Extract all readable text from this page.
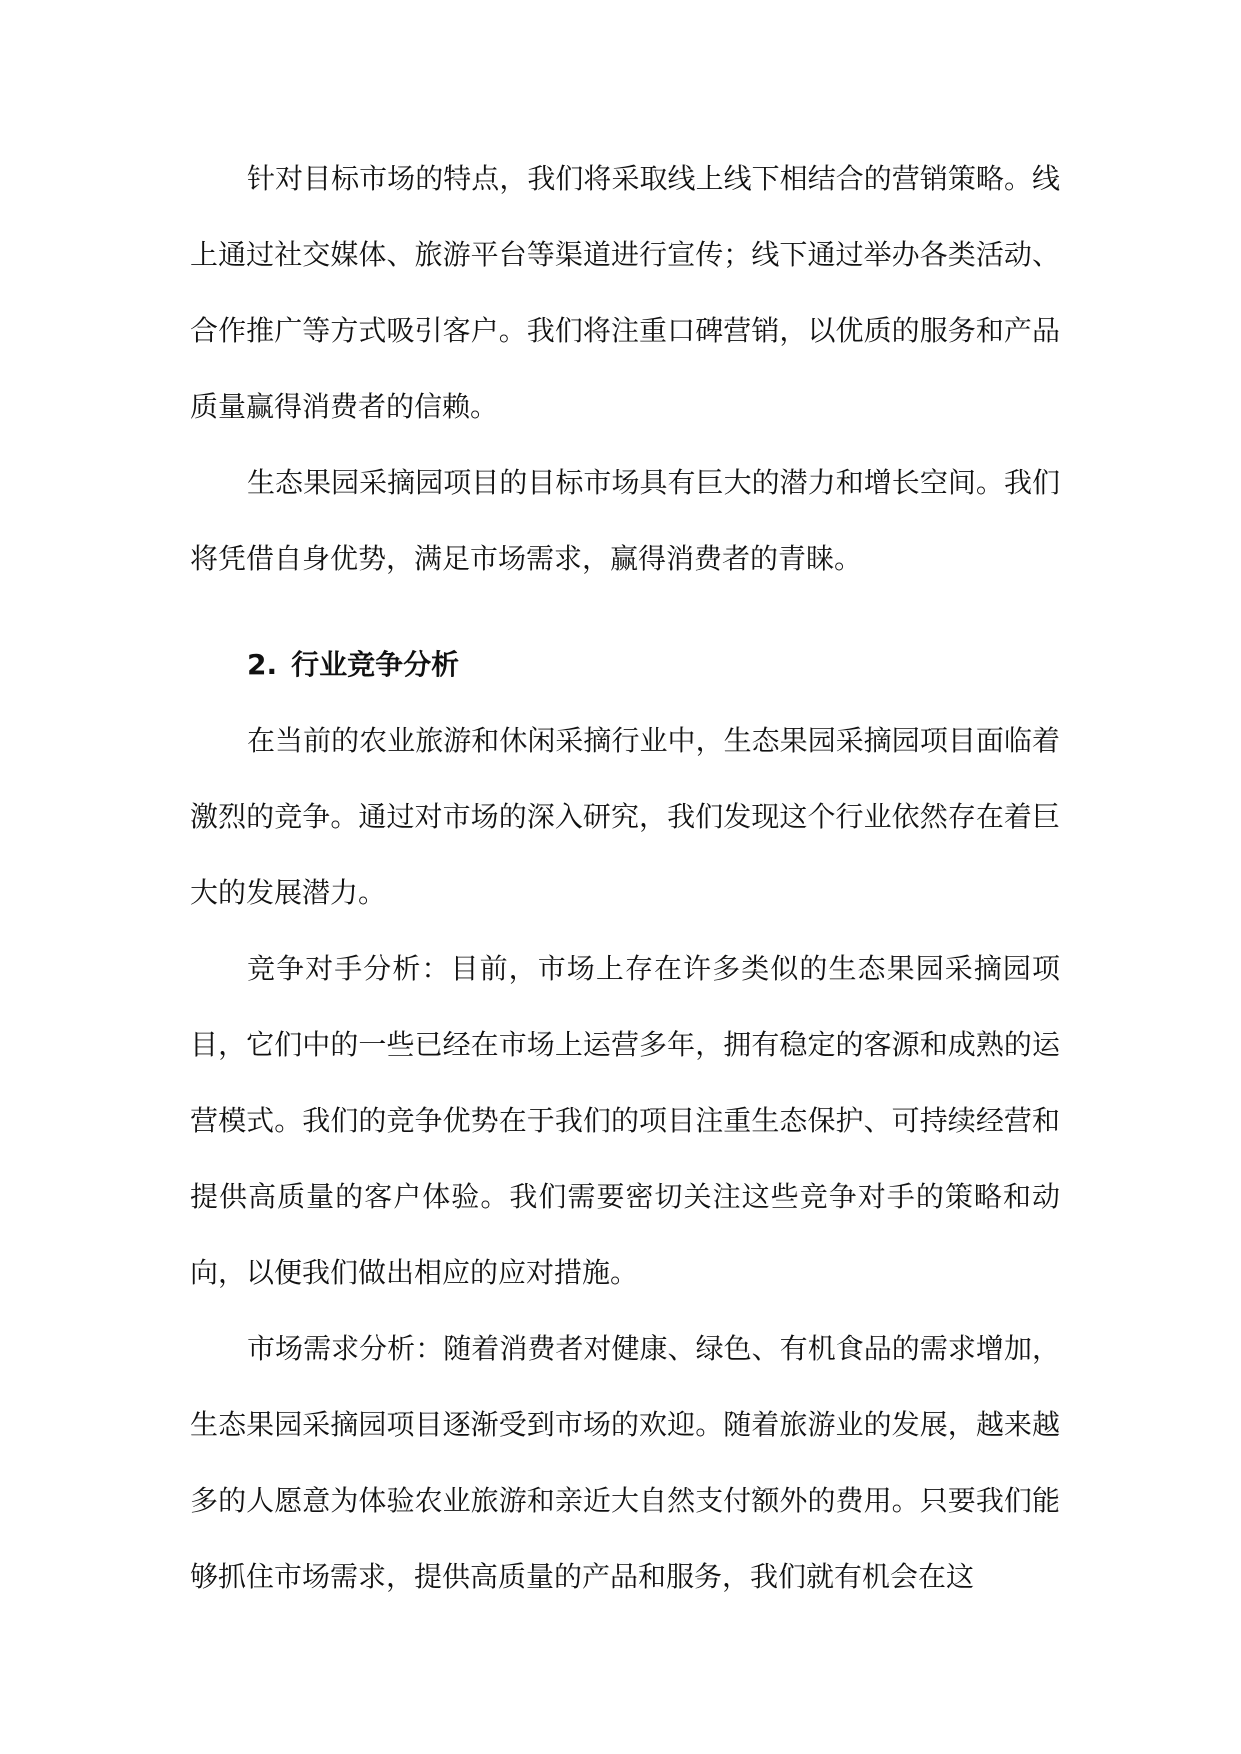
针对目标市场的特点，我们将采取线上线下相结合的营销策略。线上通过社交媒体、旅游平台等渠道进行宣传；线下通过举办各类活动、合作推广等方式吸引客户。我们将注重口碑营销，以优质的服务和产品质量赢得消费者的信赖。

生态果园采摘园项目的目标市场具有巨大的潜力和增长空间。我们将凭借自身优势，满足市场需求，赢得消费者的青睐。

2. 行业竞争分析

在当前的农业旅游和休闲采摘行业中，生态果园采摘园项目面临着激烈的竞争。通过对市场的深入研究，我们发现这个行业依然存在着巨大的发展潜力。

竞争对手分析：目前，市场上存在许多类似的生态果园采摘园项目，它们中的一些已经在市场上运营多年，拥有稳定的客源和成熟的运营模式。我们的竞争优势在于我们的项目注重生态保护、可持续经营和提供高质量的客户体验。我们需要密切关注这些竞争对手的策略和动向，以便我们做出相应的应对措施。

市场需求分析：随着消费者对健康、绿色、有机食品的需求增加，生态果园采摘园项目逐渐受到市场的欢迎。随着旅游业的发展，越来越多的人愿意为体验农业旅游和亲近大自然支付额外的费用。只要我们能够抓住市场需求，提供高质量的产品和服务，我们就有机会在这
